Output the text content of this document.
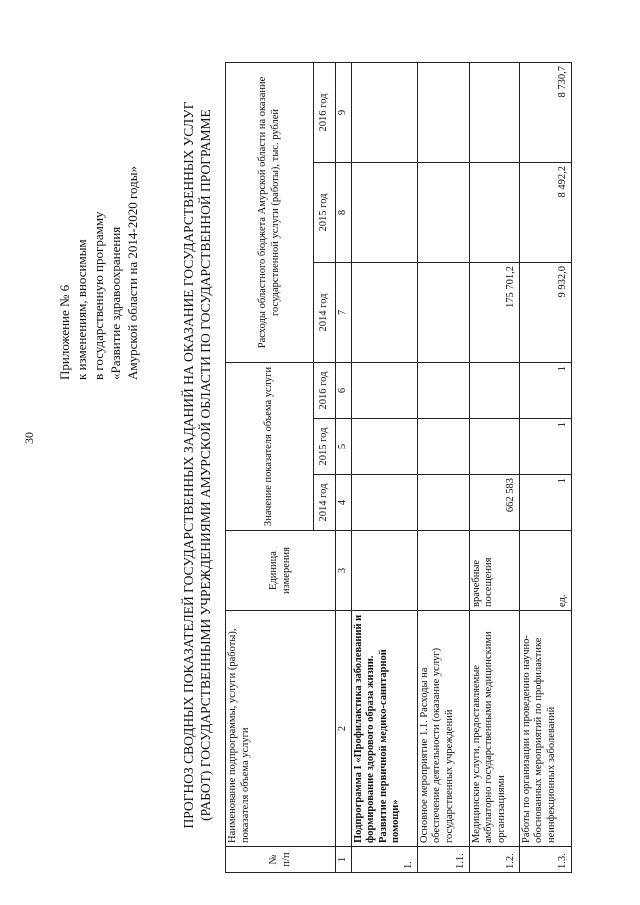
30
Приложение № 6 к изменениям, вносимым в государственную программу «Развитие здравоохранения Амурской области на 2014-2020 годы»	ПРОГНОЗ СВОДНЫХ ПОКАЗАТЕЛЕЙ ГОСУДАРСТВЕННЫХ ЗАДАНИЙ НА ОКАЗАНИЕ ГОСУДАРСТВЕННЫХ УСЛУГ (РАБОТ) ГОСУДАРСТВЕННЫМИ УЧРЕЖДЕНИЯМИ АМУРСКОЙ ОБЛАСТИ ПО ГОСУДАРСТВЕННОЙ ПРОГРАММЕ
№ п/п	Наименование подпрограммы, услуги (работы), показателя объема услуги	Единица измерения	Значение показателя объема услуги			Расходы областного бюджета Амурской области на оказание государственной услуги (работы), тыс. рублей		
			2014 год	2015 год	2016 год	2014 год	2015 год	2016 год
1	2	3	4	5	6	7	8	9
1.	Подпрограмма I «Профилактика заболеваний и формирование здорового образа жизни. Развитие первичной медико-санитарной помощи»							
1.1.	Основное мероприятие 1.1. Расходы на обеспечение деятельности (оказание услуг) государственных учреждений							
1.2.	Медицинские услуги, предоставляемые амбулаторно государственными медицинскими организациями	врачебные посещения	662 583			175 701,2		
1.3.	Работы по организации и проведению научно-обоснованных мероприятий по профилактике неинфекционных заболеваний	ед.	1	1	1	9 932,0	8 492,2	8 730,7
